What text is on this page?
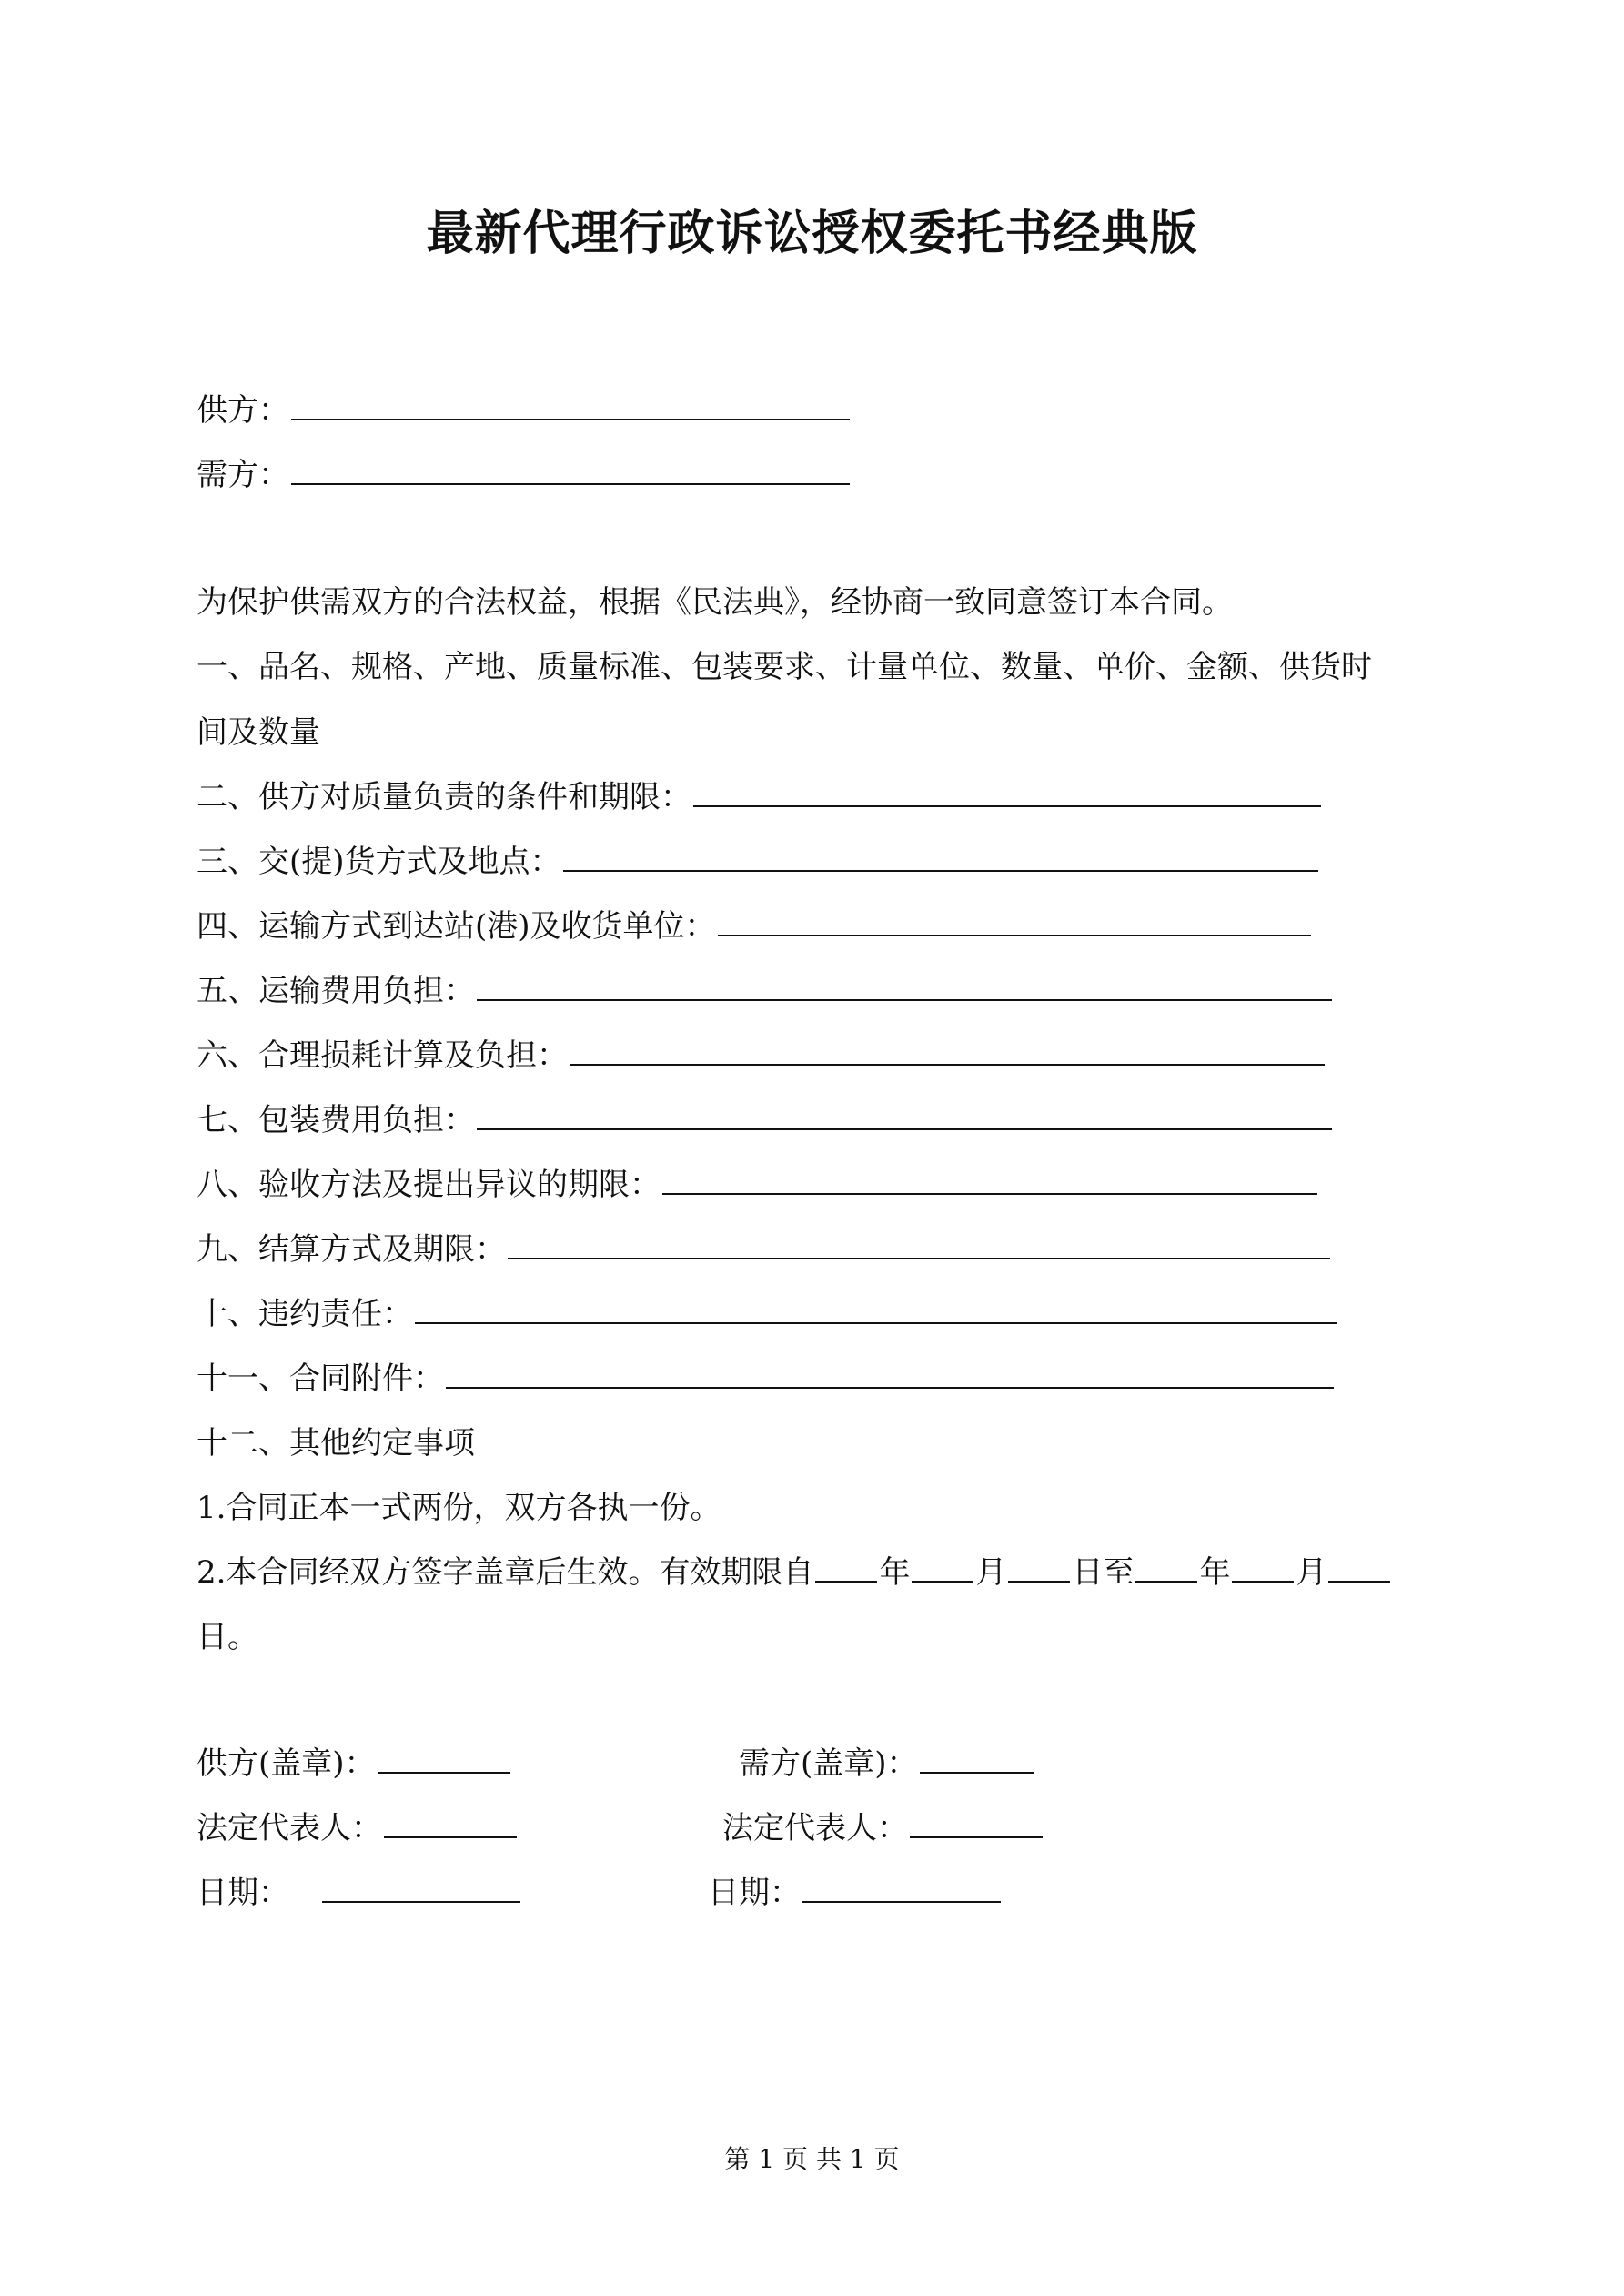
最新代理行政诉讼授权委托书经典版
供方：
需方：
为保护供需双方的合法权益，根据《民法典》，经协商一致同意签订本合同。
一、品名、规格、产地、质量标准、包装要求、计量单位、数量、单价、金额、供货时
间及数量
二、供方对质量负责的条件和期限：
三、交(提)货方式及地点：
四、运输方式到达站(港)及收货单位：
五、运输费用负担：
六、合理损耗计算及负担：
七、包装费用负担：
八、验收方法及提出异议的期限：
九、结算方式及期限：
十、违约责任：
十一、合同附件：
十二、其他约定事项
1.合同正本一式两份，双方各执一份。
2.本合同经双方签字盖章后生效。有效期限自 年 月 日至 年 月
日。
供方(盖章)：	需方(盖章)：
法定代表人：	法定代表人：
日期：	日期：
第 1 页 共 1 页
